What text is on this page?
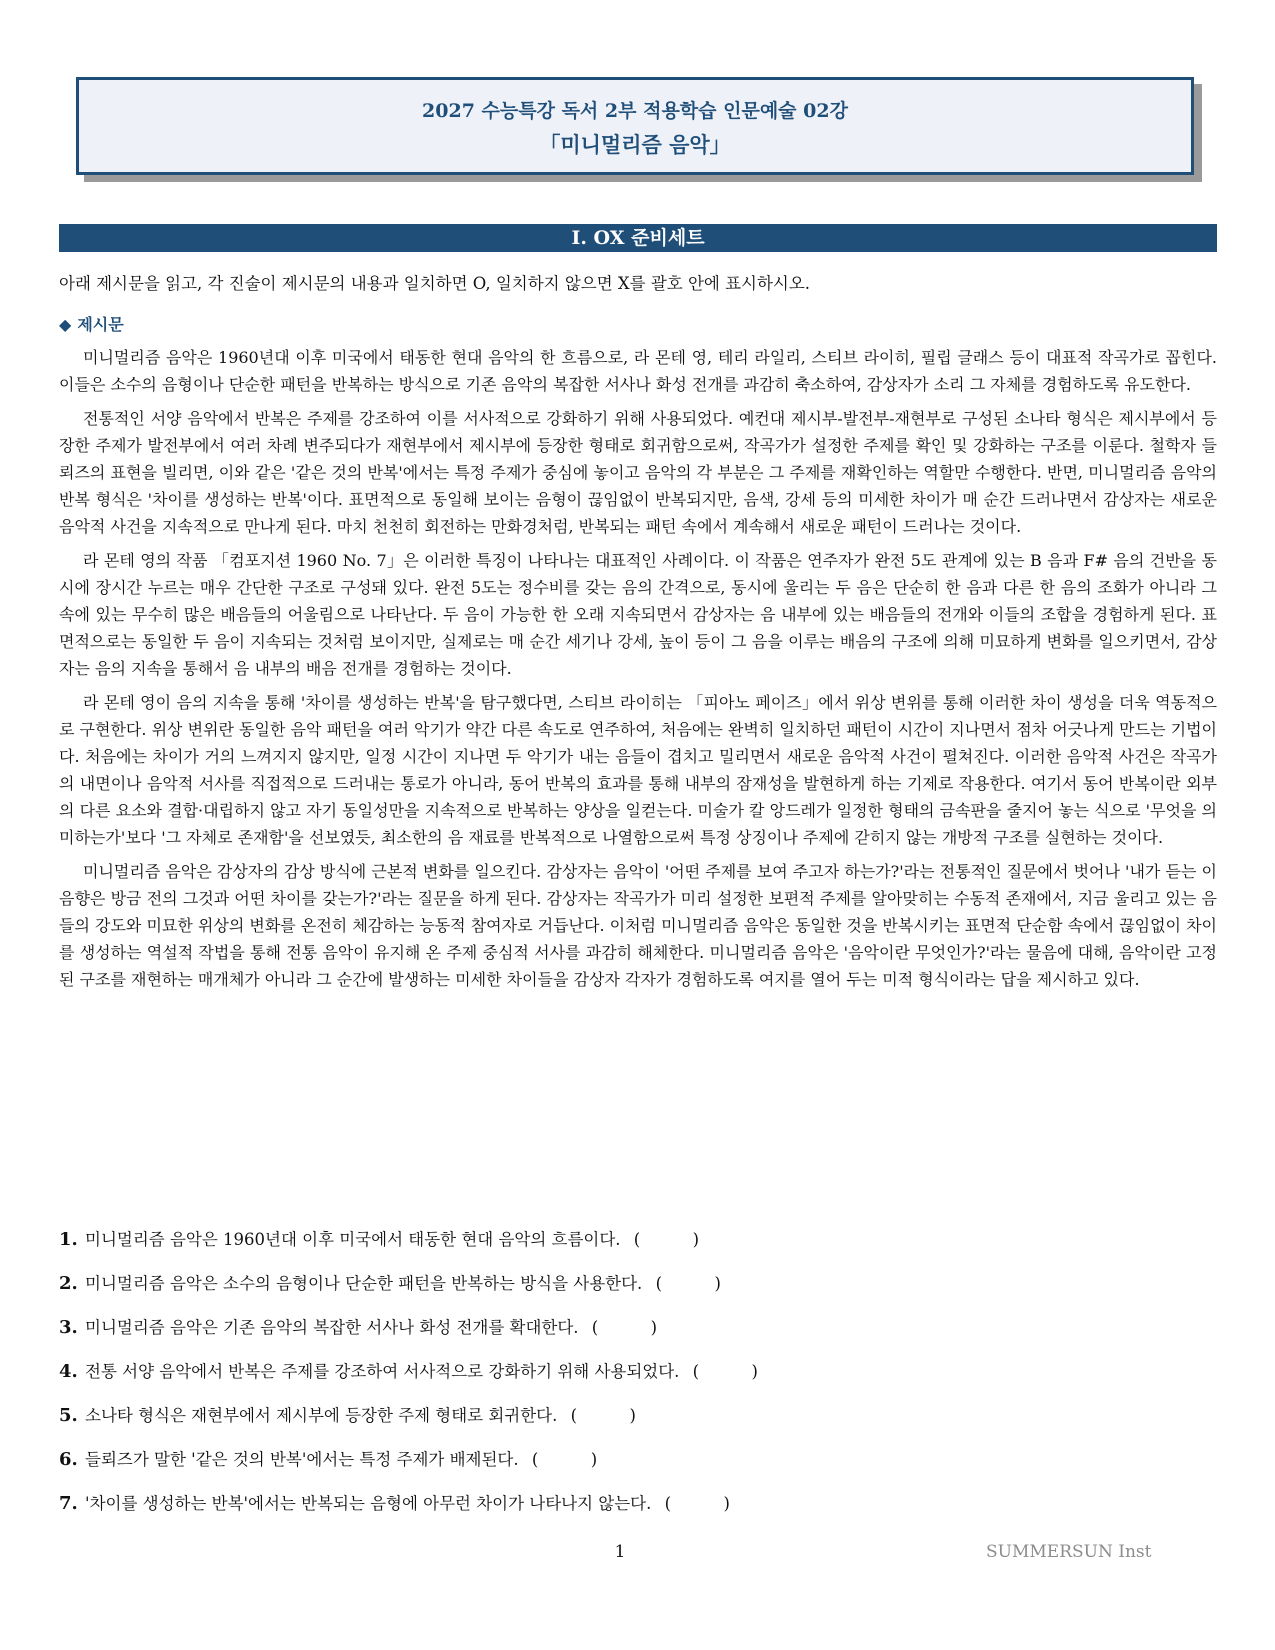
2027 수능특강 독서 2부 적용학습 인문예술 02강
「미니멀리즘 음악」
I. OX 준비세트
아래 제시문을 읽고, 각 진술이 제시문의 내용과 일치하면 O, 일치하지 않으면 X를 괄호 안에 표시하시오.
◆ 제시문

미니멀리즘 음악은 1960년대 이후 미국에서 태동한 현대 음악의 한 흐름으로, 라 몬테 영, 테리 라일리, 스티브 라이히, 필립 글래스 등이 대표적 작곡가로 꼽힌다. 이들은 소수의 음형이나 단순한 패턴을 반복하는 방식으로 기존 음악의 복잡한 서사나 화성 전개를 과감히 축소하여, 감상자가 소리 그 자체를 경험하도록 유도한다.

전통적인 서양 음악에서 반복은 주제를 강조하여 이를 서사적으로 강화하기 위해 사용되었다. 예컨대 제시부-발전부-재현부로 구성된 소나타 형식은 제시부에서 등장한 주제가 발전부에서 여러 차례 변주되다가 재현부에서 제시부에 등장한 형태로 회귀함으로써, 작곡가가 설정한 주제를 확인 및 강화하는 구조를 이룬다. 철학자 들뢰즈의 표현을 빌리면, 이와 같은 '같은 것의 반복'에서는 특정 주제가 중심에 놓이고 음악의 각 부분은 그 주제를 재확인하는 역할만 수행한다. 반면, 미니멀리즘 음악의 반복 형식은 '차이를 생성하는 반복'이다. 표면적으로 동일해 보이는 음형이 끊임없이 반복되지만, 음색, 강세 등의 미세한 차이가 매 순간 드러나면서 감상자는 새로운 음악적 사건을 지속적으로 만나게 된다. 마치 천천히 회전하는 만화경처럼, 반복되는 패턴 속에서 계속해서 새로운 패턴이 드러나는 것이다.

라 몬테 영의 작품 「컴포지션 1960 No. 7」은 이러한 특징이 나타나는 대표적인 사례이다. 이 작품은 연주자가 완전 5도 관계에 있는 B 음과 F# 음의 건반을 동시에 장시간 누르는 매우 간단한 구조로 구성돼 있다. 완전 5도는 정수비를 갖는 음의 간격으로, 동시에 울리는 두 음은 단순히 한 음과 다른 한 음의 조화가 아니라 그 속에 있는 무수히 많은 배음들의 어울림으로 나타난다. 두 음이 가능한 한 오래 지속되면서 감상자는 음 내부에 있는 배음들의 전개와 이들의 조합을 경험하게 된다. 표면적으로는 동일한 두 음이 지속되는 것처럼 보이지만, 실제로는 매 순간 세기나 강세, 높이 등이 그 음을 이루는 배음의 구조에 의해 미묘하게 변화를 일으키면서, 감상자는 음의 지속을 통해서 음 내부의 배음 전개를 경험하는 것이다.

라 몬테 영이 음의 지속을 통해 '차이를 생성하는 반복'을 탐구했다면, 스티브 라이히는 「피아노 페이즈」에서 위상 변위를 통해 이러한 차이 생성을 더욱 역동적으로 구현한다. 위상 변위란 동일한 음악 패턴을 여러 악기가 약간 다른 속도로 연주하여, 처음에는 완벽히 일치하던 패턴이 시간이 지나면서 점차 어긋나게 만드는 기법이다. 처음에는 차이가 거의 느껴지지 않지만, 일정 시간이 지나면 두 악기가 내는 음들이 겹치고 밀리면서 새로운 음악적 사건이 펼쳐진다. 이러한 음악적 사건은 작곡가의 내면이나 음악적 서사를 직접적으로 드러내는 통로가 아니라, 동어 반복의 효과를 통해 내부의 잠재성을 발현하게 하는 기제로 작용한다. 여기서 동어 반복이란 외부의 다른 요소와 결합·대립하지 않고 자기 동일성만을 지속적으로 반복하는 양상을 일컫는다. 미술가 칼 앙드레가 일정한 형태의 금속판을 줄지어 놓는 식으로 '무엇을 의미하는가'보다 '그 자체로 존재함'을 선보였듯, 최소한의 음 재료를 반복적으로 나열함으로써 특정 상징이나 주제에 갇히지 않는 개방적 구조를 실현하는 것이다.

미니멀리즘 음악은 감상자의 감상 방식에 근본적 변화를 일으킨다. 감상자는 음악이 '어떤 주제를 보여 주고자 하는가?'라는 전통적인 질문에서 벗어나 '내가 듣는 이 음향은 방금 전의 그것과 어떤 차이를 갖는가?'라는 질문을 하게 된다. 감상자는 작곡가가 미리 설정한 보편적 주제를 알아맞히는 수동적 존재에서, 지금 울리고 있는 음들의 강도와 미묘한 위상의 변화를 온전히 체감하는 능동적 참여자로 거듭난다. 이처럼 미니멀리즘 음악은 동일한 것을 반복시키는 표면적 단순함 속에서 끊임없이 차이를 생성하는 역설적 작법을 통해 전통 음악이 유지해 온 주제 중심적 서사를 과감히 해체한다. 미니멀리즘 음악은 '음악이란 무엇인가?'라는 물음에 대해, 음악이란 고정된 구조를 재현하는 매개체가 아니라 그 순간에 발생하는 미세한 차이들을 감상자 각자가 경험하도록 여지를 열어 두는 미적 형식이라는 답을 제시하고 있다.

1. 미니멀리즘 음악은 1960년대 이후 미국에서 태동한 현대 음악의 흐름이다. (          )
2. 미니멀리즘 음악은 소수의 음형이나 단순한 패턴을 반복하는 방식을 사용한다. (          )
3. 미니멀리즘 음악은 기존 음악의 복잡한 서사나 화성 전개를 확대한다. (          )
4. 전통 서양 음악에서 반복은 주제를 강조하여 서사적으로 강화하기 위해 사용되었다. (          )
5. 소나타 형식은 재현부에서 제시부에 등장한 주제 형태로 회귀한다. (          )
6. 들뢰즈가 말한 '같은 것의 반복'에서는 특정 주제가 배제된다. (          )
7. '차이를 생성하는 반복'에서는 반복되는 음형에 아무런 차이가 나타나지 않는다. (          )
1	SUMMERSUN Inst
